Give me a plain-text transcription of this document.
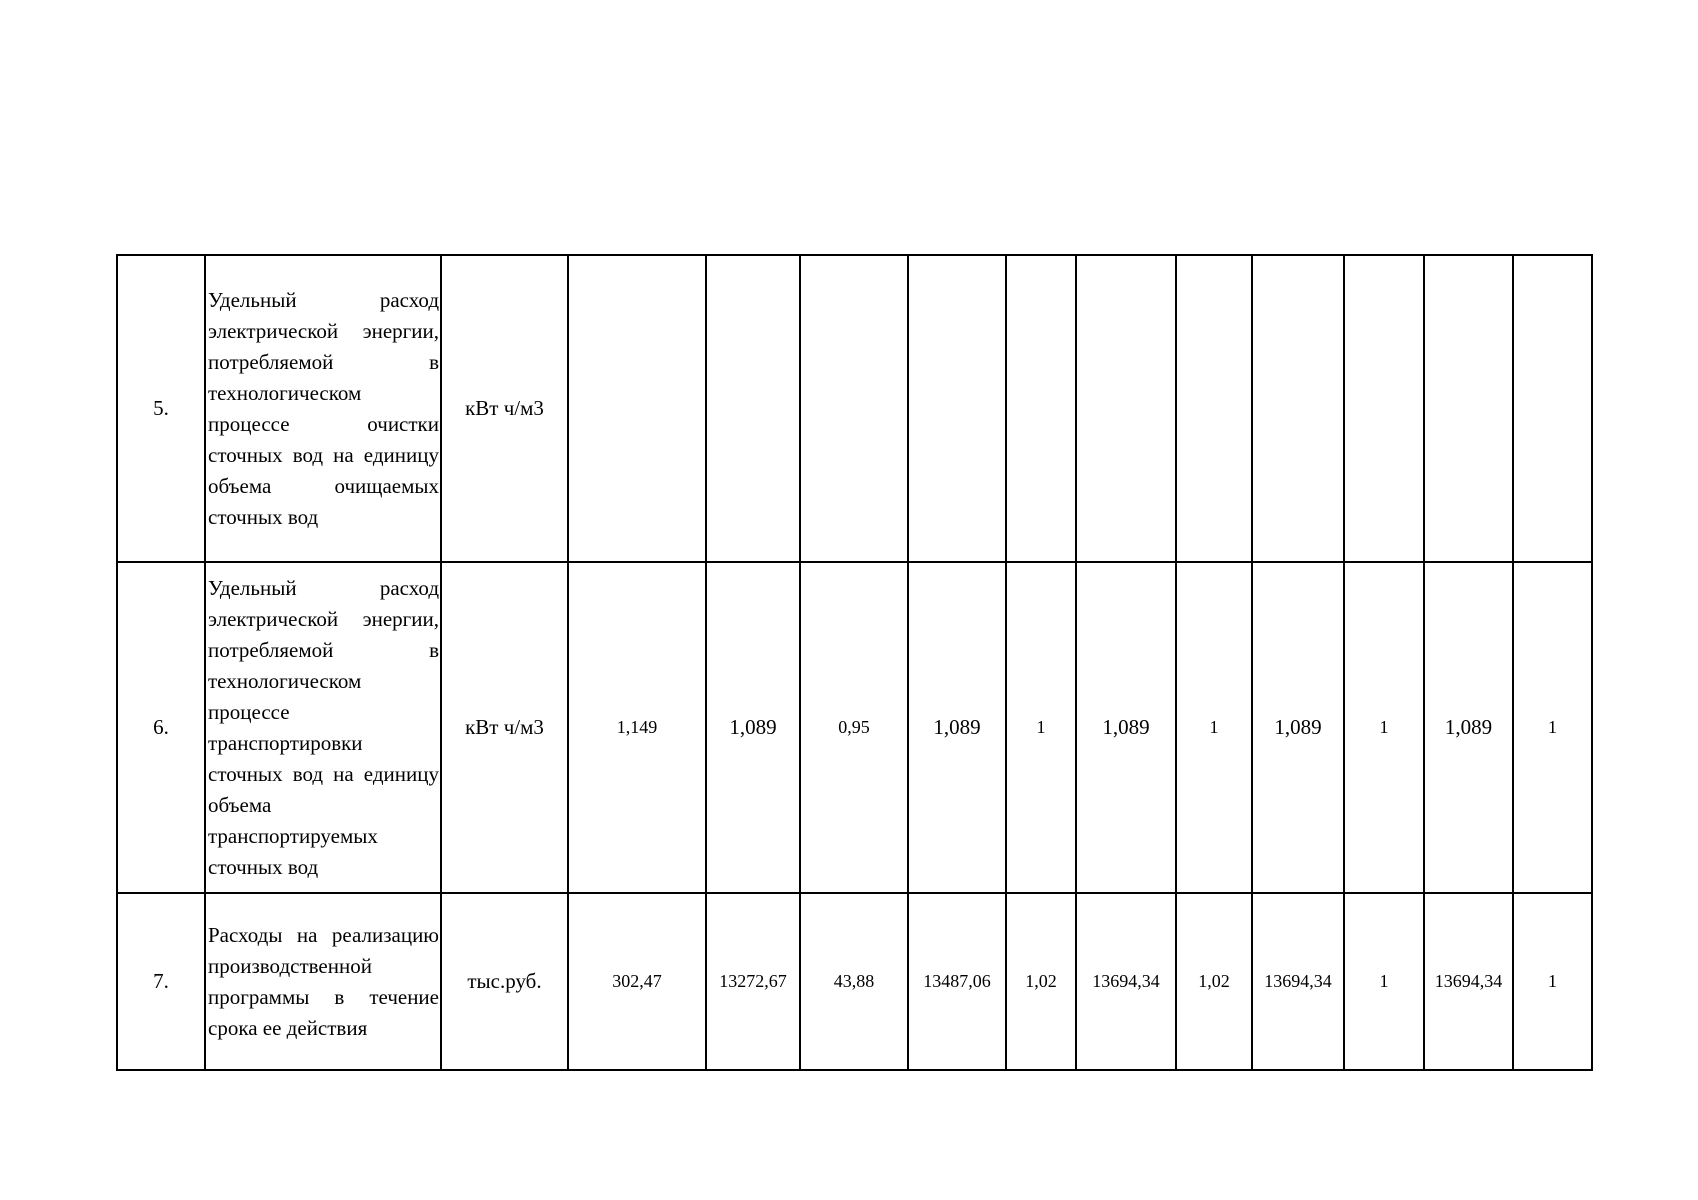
5.	Удельный расход электрической энергии, потребляемой в технологическом процессе очистки сточных вод на единицу объема очищаемых сточных вод	кВт ч/м3											
6.	Удельный расход электрической энергии, потребляемой в технологическом процессе транспортировки сточных вод на единицу объема транспортируемых сточных вод	кВт ч/м3	1,149	1,089	0,95	1,089	1	1,089	1	1,089	1	1,089	1
7.	Расходы на реализацию производственной программы в течение срока ее действия	тыс.руб.	302,47	13272,67	43,88	13487,06	1,02	13694,34	1,02	13694,34	1	13694,34	1
